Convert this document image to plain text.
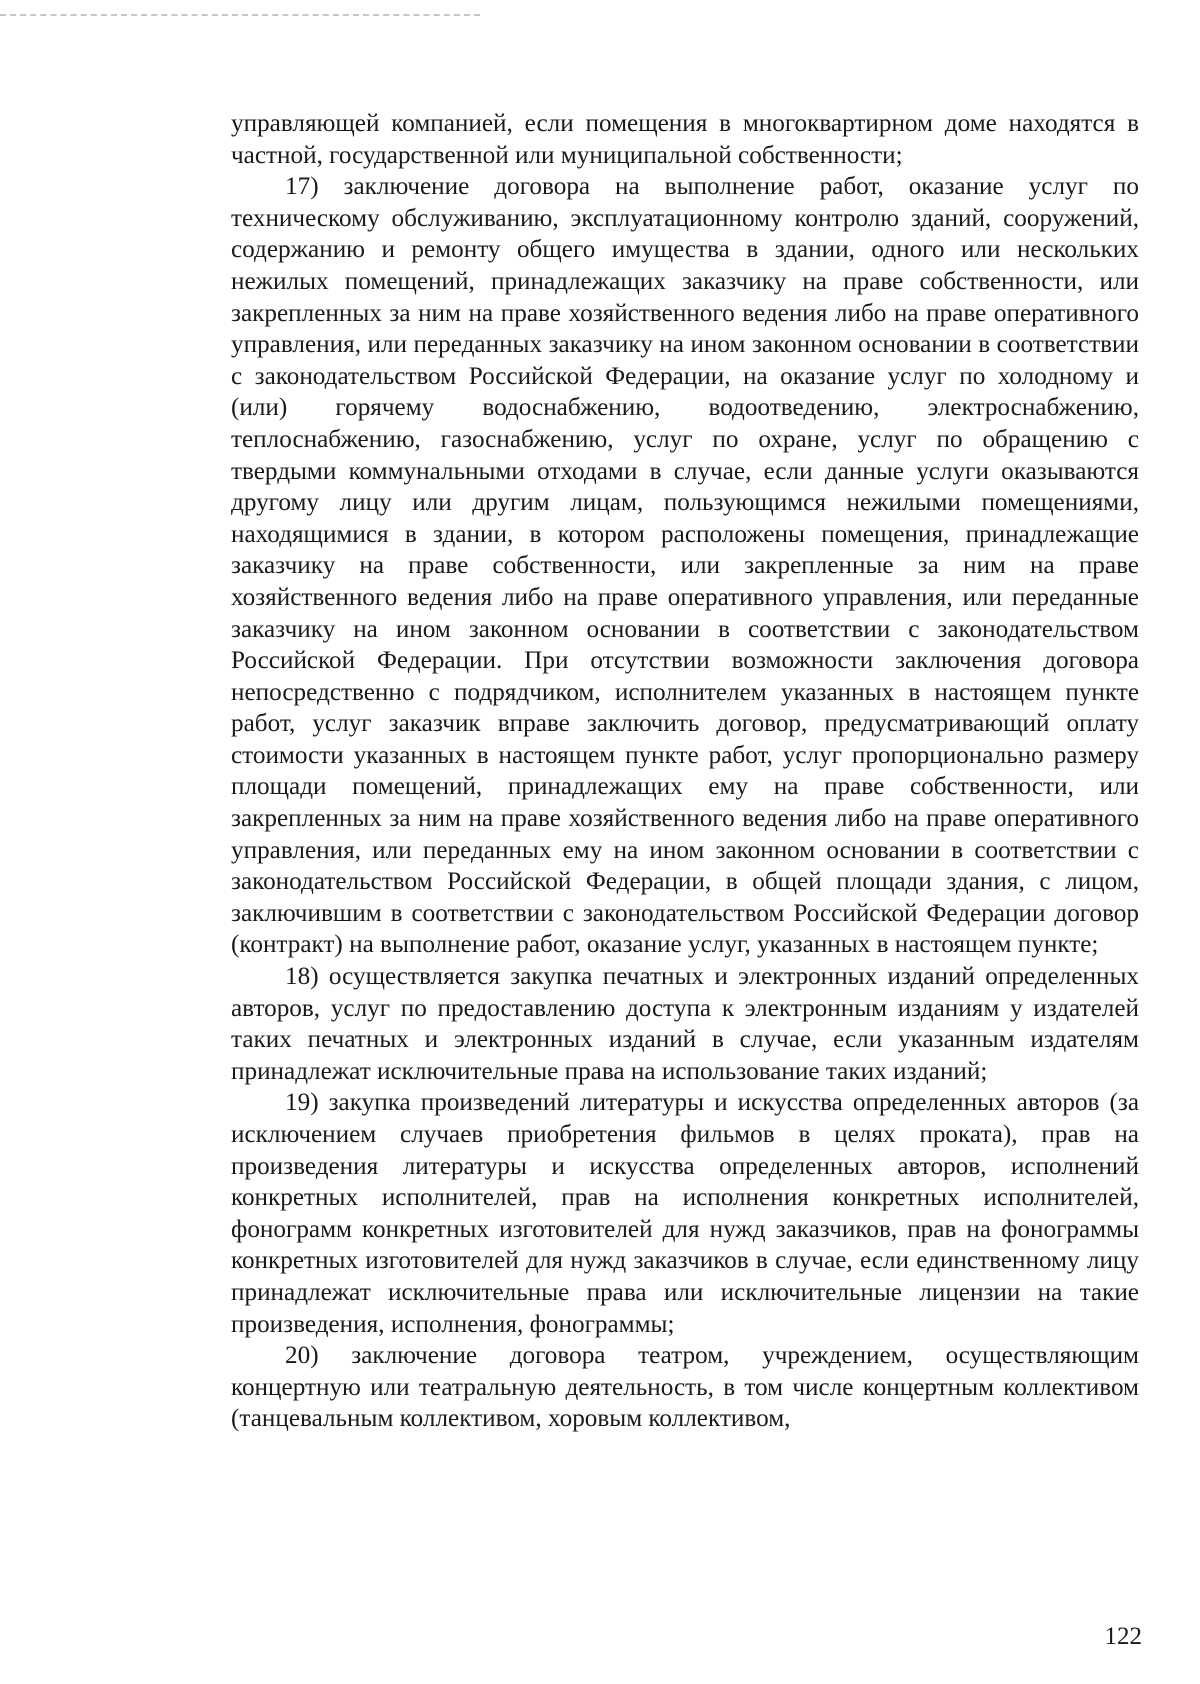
управляющей компанией, если помещения в многоквартирном доме находятся в частной, государственной или муниципальной собственности;

17) заключение договора на выполнение работ, оказание услуг по техническому обслуживанию, эксплуатационному контролю зданий, сооружений, содержанию и ремонту общего имущества в здании, одного или нескольких нежилых помещений, принадлежащих заказчику на праве собственности, или закрепленных за ним на праве хозяйственного ведения либо на праве оперативного управления, или переданных заказчику на ином законном основании в соответствии с законодательством Российской Федерации, на оказание услуг по холодному и (или) горячему водоснабжению, водоотведению, электроснабжению, теплоснабжению, газоснабжению, услуг по охране, услуг по обращению с твердыми коммунальными отходами в случае, если данные услуги оказываются другому лицу или другим лицам, пользующимся нежилыми помещениями, находящимися в здании, в котором расположены помещения, принадлежащие заказчику на праве собственности, или закрепленные за ним на праве хозяйственного ведения либо на праве оперативного управления, или переданные заказчику на ином законном основании в соответствии с законодательством Российской Федерации. При отсутствии возможности заключения договора непосредственно с подрядчиком, исполнителем указанных в настоящем пункте работ, услуг заказчик вправе заключить договор, предусматривающий оплату стоимости указанных в настоящем пункте работ, услуг пропорционально размеру площади помещений, принадлежащих ему на праве собственности, или закрепленных за ним на праве хозяйственного ведения либо на праве оперативного управления, или переданных ему на ином законном основании в соответствии с законодательством Российской Федерации, в общей площади здания, с лицом, заключившим в соответствии с законодательством Российской Федерации договор (контракт) на выполнение работ, оказание услуг, указанных в настоящем пункте;

18) осуществляется закупка печатных и электронных изданий определенных авторов, услуг по предоставлению доступа к электронным изданиям у издателей таких печатных и электронных изданий в случае, если указанным издателям принадлежат исключительные права на использование таких изданий;

19) закупка произведений литературы и искусства определенных авторов (за исключением случаев приобретения фильмов в целях проката), прав на произведения литературы и искусства определенных авторов, исполнений конкретных исполнителей, прав на исполнения конкретных исполнителей, фонограмм конкретных изготовителей для нужд заказчиков, прав на фонограммы конкретных изготовителей для нужд заказчиков в случае, если единственному лицу принадлежат исключительные права или исключительные лицензии на такие произведения, исполнения, фонограммы;

20) заключение договора театром, учреждением, осуществляющим концертную или театральную деятельность, в том числе концертным коллективом (танцевальным коллективом, хоровым коллективом,

122
